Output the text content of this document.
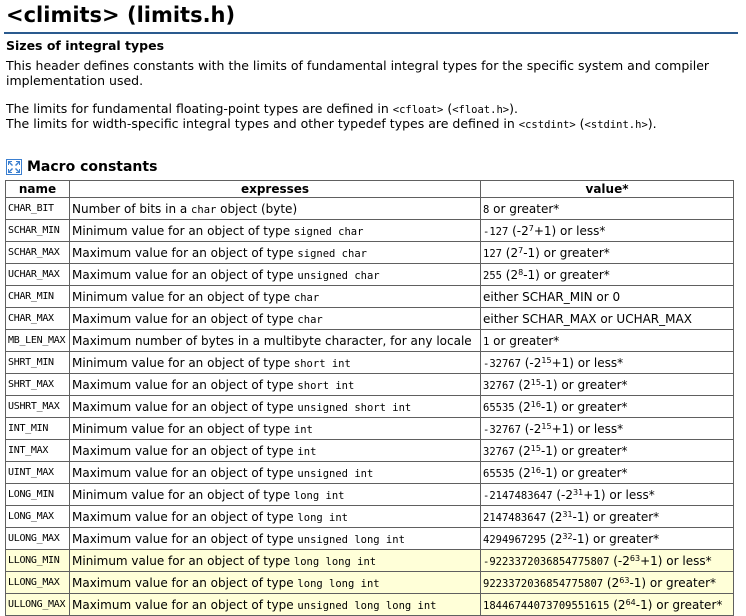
<climits> (limits.h)

Sizes of integral types

This header defines constants with the limits of fundamental integral types for the specific system and compiler implementation used.

The limits for fundamental floating-point types are defined in <cfloat> (<float.h>).

The limits for width-specific integral types and other typedef types are defined in <cstdint> (<stdint.h>).

Macro constants
name	expresses	value*
CHAR_BIT	Number of bits in a char object (byte)	8 or greater*
SCHAR_MIN	Minimum value for an object of type signed char	-127 $(-2^7+1)$ or less*
SCHAR_MAX	Maximum value for an object of type signed char	127 $(2^7-1)$ or greater*
UCHAR_MAX	Maximum value for an object of type unsigned char	255 $(2^8-1)$ or greater*
CHAR_MIN	Minimum value for an object of type char	either SCHAR_MIN or 0
CHAR_MAX	Maximum value for an object of type char	either SCHAR_MAX or UCHAR_MAX
MB_LEN_MAX	Maximum number of bytes in a multibyte character, for any locale	1 or greater*
SHRT_MIN	Minimum value for an object of type short int	-32767 $(-2^{15}+1)$ or less*
SHRT_MAX	Maximum value for an object of type short int	32767 $(2^{15}-1)$ or greater*
USHRT_MAX	Maximum value for an object of type unsigned short int	65535 $(2^{16}-1)$ or greater*
INT_MIN	Minimum value for an object of type int	-32767 $(-2^{15}+1)$ or less*
INT_MAX	Maximum value for an object of type int	32767 $(2^{15}-1)$ or greater*
UINT_MAX	Maximum value for an object of type unsigned int	65535 $(2^{16}-1)$ or greater*
LONG_MIN	Minimum value for an object of type long int	-2147483647 $(-2^{31}+1)$ or less*
LONG_MAX	Maximum value for an object of type long int	2147483647 $(2^{31}-1)$ or greater*
ULONG_MAX	Maximum value for an object of type unsigned long int	4294967295 $(2^{32}-1)$ or greater*
LLONG_MIN	Minimum value for an object of type long long int	-9223372036854775807 $(-2^{63}+1)$ or less*
LLONG_MAX	Maximum value for an object of type long long int	9223372036854775807 $(2^{63}-1)$ or greater*
ULLONG_MAX	Maximum value for an object of type unsigned long long int	18446744073709551615 $(2^{64}-1)$ or greater*
